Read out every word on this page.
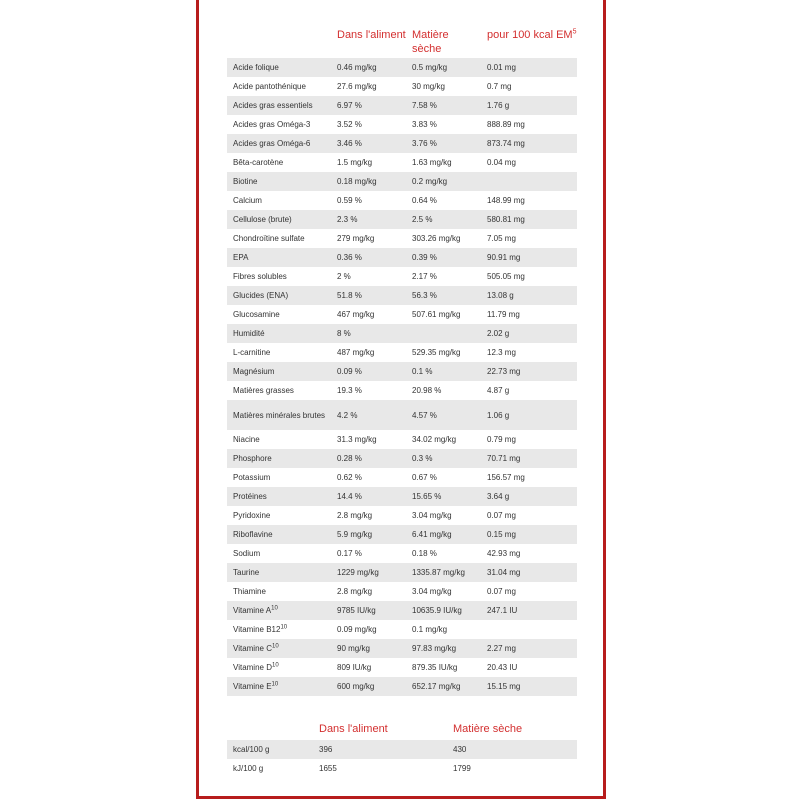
	Dans l'aliment	Matière sèche	pour 100 kcal $EM^5$
Acide folique	0.46 mg/kg	0.5 mg/kg	0.01 mg
Acide pantothénique	27.6 mg/kg	30 mg/kg	0.7 mg
Acides gras essentiels	6.97 %	7.58 %	1.76 g
Acides gras Oméga-3	3.52 %	3.83 %	888.89 mg
Acides gras Oméga-6	3.46 %	3.76 %	873.74 mg
Bêta-carotène	1.5 mg/kg	1.63 mg/kg	0.04 mg
Biotine	0.18 mg/kg	0.2 mg/kg	
Calcium	0.59 %	0.64 %	148.99 mg
Cellulose (brute)	2.3 %	2.5 %	580.81 mg
Chondroïtine sulfate	279 mg/kg	303.26 mg/kg	7.05 mg
EPA	0.36 %	0.39 %	90.91 mg
Fibres solubles	2 %	2.17 %	505.05 mg
Glucides (ENA)	51.8 %	56.3 %	13.08 g
Glucosamine	467 mg/kg	507.61 mg/kg	11.79 mg
Humidité	8 %		2.02 g
L-carnitine	487 mg/kg	529.35 mg/kg	12.3 mg
Magnésium	0.09 %	0.1 %	22.73 mg
Matières grasses	19.3 %	20.98 %	4.87 g
Matières minérales brutes	4.2 %	4.57 %	1.06 g
Niacine	31.3 mg/kg	34.02 mg/kg	0.79 mg
Phosphore	0.28 %	0.3 %	70.71 mg
Potassium	0.62 %	0.67 %	156.57 mg
Protéines	14.4 %	15.65 %	3.64 g
Pyridoxine	2.8 mg/kg	3.04 mg/kg	0.07 mg
Riboflavine	5.9 mg/kg	6.41 mg/kg	0.15 mg
Sodium	0.17 %	0.18 %	42.93 mg
Taurine	1229 mg/kg	1335.87 mg/kg	31.04 mg
Thiamine	2.8 mg/kg	3.04 mg/kg	0.07 mg
Vitamine $A^{10}$	9785 IU/kg	10635.9 IU/kg	247.1 IU
Vitamine $B12^{10}$	0.09 mg/kg	0.1 mg/kg	
Vitamine $C^{10}$	90 mg/kg	97.83 mg/kg	2.27 mg
Vitamine $D^{10}$	809 IU/kg	879.35 IU/kg	20.43 IU
Vitamine $E^{10}$	600 mg/kg	652.17 mg/kg	15.15 mg
	Dans l'aliment	Matière sèche
kcal/100 g	396	430
kJ/100 g	1655	1799
